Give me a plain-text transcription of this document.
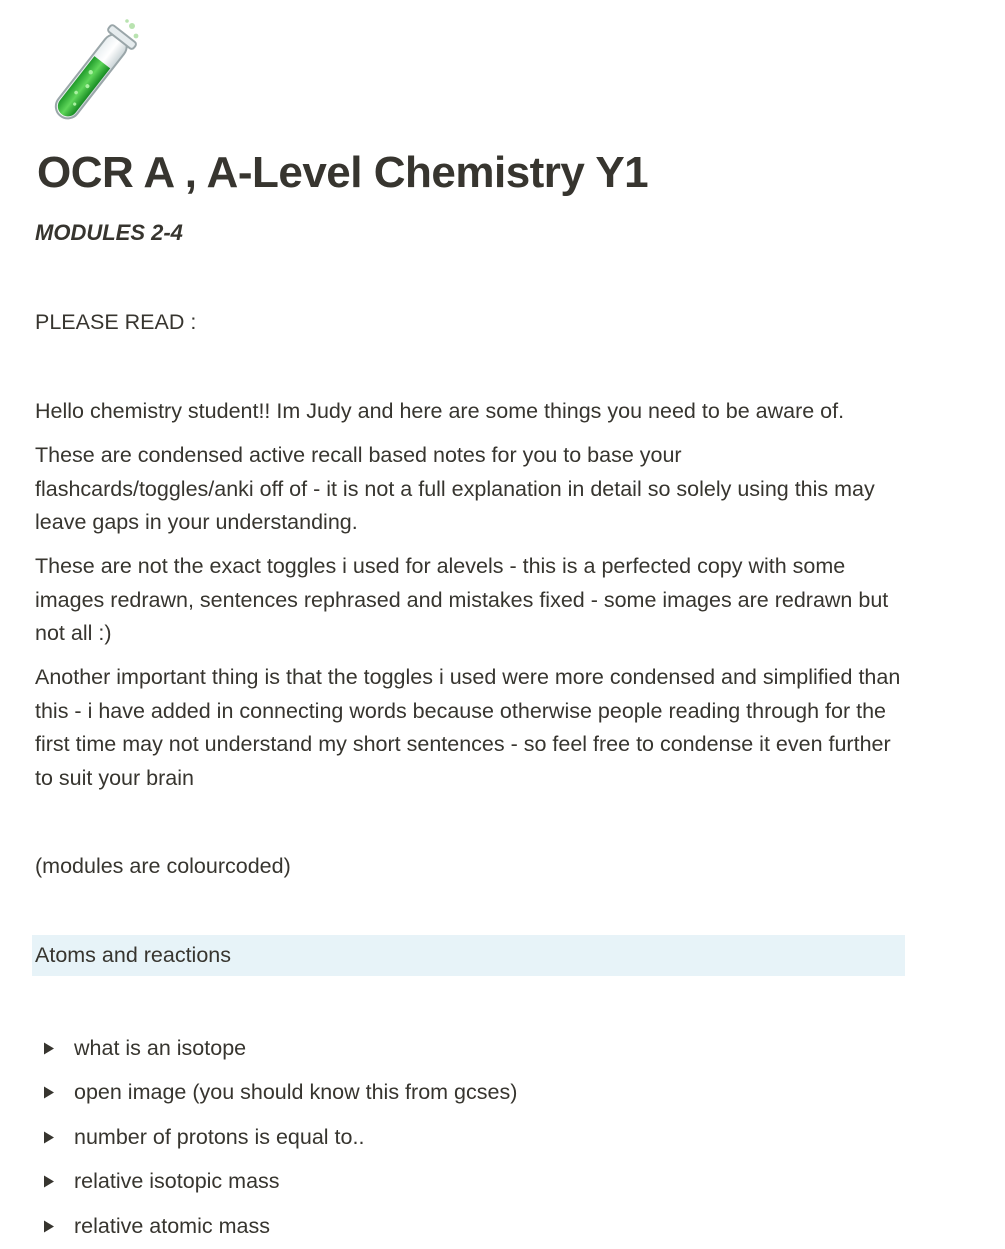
OCR A , A-Level Chemistry Y1

MODULES 2-4

PLEASE READ :

Hello chemistry student!! Im Judy and here are some things you need to be aware of.

These are condensed active recall based notes for you to base your flashcards/toggles/anki off of - it is not a full explanation in detail so solely using this may leave gaps in your understanding.

These are not the exact toggles i used for alevels - this is a perfected copy with some images redrawn, sentences rephrased and mistakes fixed - some images are redrawn but not all :)

Another important thing is that the toggles i used were more condensed and simplified than this - i have added in connecting words because otherwise people reading through for the first time may not understand my short sentences - so feel free to condense it even further to suit your brain

(modules are colourcoded)

Atoms and reactions
what is an isotope
open image (you should know this from gcses)
number of protons is equal to..
relative isotopic mass
relative atomic mass
